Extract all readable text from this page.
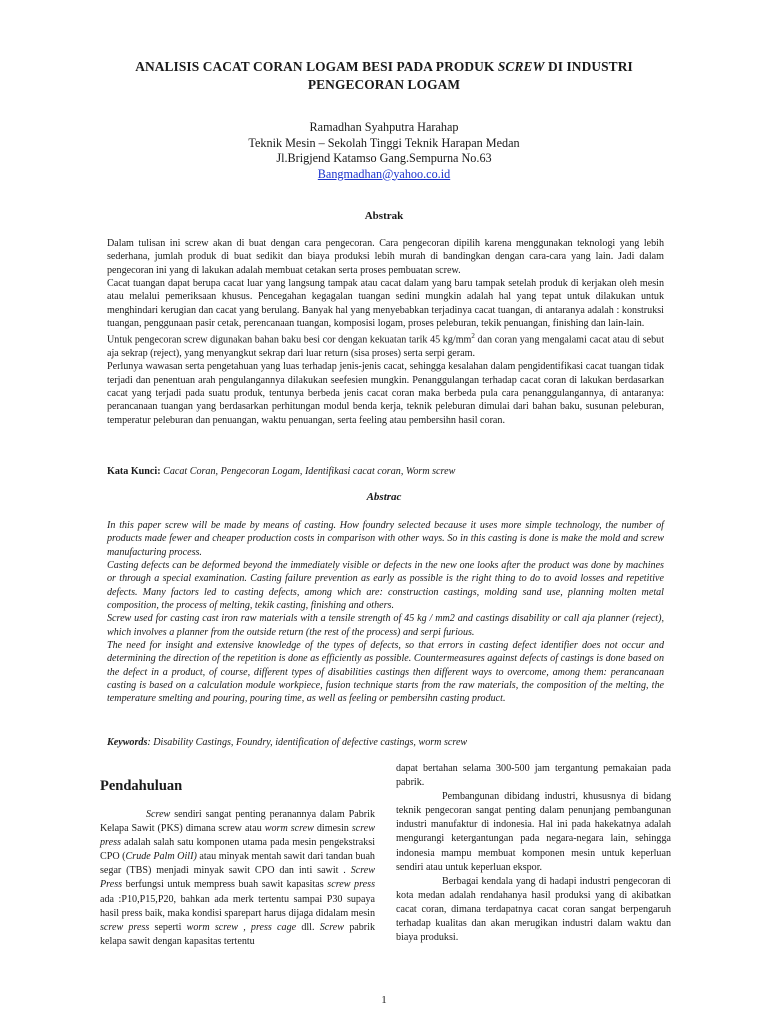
ANALISIS CACAT CORAN LOGAM BESI PADA PRODUK SCREW DI INDUSTRI
PENGECORAN LOGAM
Ramadhan Syahputra Harahap
Teknik Mesin – Sekolah Tinggi Teknik Harapan Medan
Jl.Brigjend Katamso Gang.Sempurna No.63
Bangmadhan@yahoo.co.id
Abstrak

Dalam tulisan ini screw akan di buat dengan cara pengecoran. Cara pengecoran dipilih karena menggunakan teknologi yang lebih sederhana, jumlah produk di buat sedikit dan biaya produksi lebih murah di bandingkan dengan cara-cara yang lain. Jadi dalam pengecoran ini yang di lakukan adalah membuat cetakan serta proses pembuatan screw.

Cacat tuangan dapat berupa cacat luar yang langsung tampak atau cacat dalam yang baru tampak setelah produk di kerjakan oleh mesin atau melalui pemeriksaan khusus. Pencegahan kegagalan tuangan sedini mungkin adalah hal yang tepat untuk dilakukan untuk menghindari kerugian dan cacat yang berulang. Banyak hal yang menyebabkan terjadinya cacat tuangan, di antaranya adalah : konstruksi tuangan, penggunaan pasir cetak, perencanaan tuangan, komposisi logam, proses peleburan, tekik penuangan, finishing dan lain-lain.

Untuk pengecoran screw digunakan bahan baku besi cor dengan kekuatan tarik 45 $kg/mm^2$ dan coran yang mengalami cacat atau di sebut aja sekrap (reject), yang menyangkut sekrap dari luar return (sisa proses) serta serpi geram.

Perlunya wawasan serta pengetahuan yang luas terhadap jenis-jenis cacat, sehingga kesalahan dalam pengidentifikasi cacat tuangan tidak terjadi dan penentuan arah pengulangannya dilakukan seefesien mungkin. Penanggulangan terhadap cacat coran di lakukan berdasarkan cacat yang terjadi pada suatu produk, tentunya berbeda jenis cacat coran maka berbeda pula cara penanggulangannya, di antaranya: perancanaan tuangan yang berdasarkan perhitungan modul benda kerja, teknik peleburan dimulai dari bahan baku, susunan peleburan, temperatur peleburan dan penuangan, waktu penuangan, serta feeling atau pembersihn hasil coran.

Kata Kunci: Cacat Coran, Pengecoran Logam, Identifikasi cacat coran, Worm screw
Abstrac

In this paper screw will be made by means of casting. How foundry selected because it uses more simple technology, the number of products made fewer and cheaper production costs in comparison with other ways. So in this casting is done is make the mold and screw manufacturing process.

Casting defects can be deformed beyond the immediately visible or defects in the new one looks after the product was done by machines or through a special examination. Casting failure prevention as early as possible is the right thing to do to avoid losses and repetitive defects. Many factors led to casting defects, among which are: construction castings, molding sand use, planning molten metal composition, the process of melting, tekik casting, finishing and others.

Screw used for casting cast iron raw materials with a tensile strength of 45 kg / mm2 and castings disability or call aja planner (reject), which involves a planner from the outside return (the rest of the process) and serpi furious.

The need for insight and extensive knowledge of the types of defects, so that errors in casting defect identifier does not occur and determining the direction of the repetition is done as efficiently as possible. Countermeasures against defects of castings is done based on the defect in a product, of course, different types of disabilities castings then different ways to overcome, among them: perancanaan casting is based on a calculation module workpiece, fusion technique starts from the raw materials, the composition of the melting, the temperature smelting and pouring, pouring time, as well as feeling or pembersihn casting product.

Keywords: Disability Castings, Foundry, identification of defective castings, worm screw
Pendahuluan

Screw sendiri sangat penting peranannya dalam Pabrik Kelapa Sawit (PKS) dimana screw atau worm screw dimesin screw press adalah salah satu komponen utama pada mesin pengekstraksi CPO (Crude Palm OilI) atau minyak mentah sawit dari tandan buah segar (TBS) menjadi minyak sawit CPO dan inti sawit . Screw Press berfungsi untuk mempress buah sawit kapasitas screw press ada :P10,P15,P20, bahkan ada merk tertentu sampai P30 supaya hasil press baik, maka kondisi sparepart harus dijaga didalam mesin screw press seperti worm screw , press cage dll. Screw pabrik kelapa sawit dengan kapasitas tertentu

dapat bertahan selama 300-500 jam tergantung pemakaian pada pabrik.

Pembangunan dibidang industri, khususnya di bidang teknik pengecoran sangat penting dalam penunjang pembangunan industri manufaktur di indonesia. Hal ini pada hakekatnya adalah mengurangi ketergantungan pada negara-negara lain, sehingga indonesia mampu membuat komponen mesin untuk keperluan sendiri atau untuk keperluan ekspor.

Berbagai kendala yang di hadapi industri pengecoran di kota medan adalah rendahanya hasil produksi yang di akibatkan cacat coran, dimana terdapatnya cacat coran sangat berpengaruh terhadap kualitas dan akan merugikan industri dalam waktu dan biaya produksi.

1
